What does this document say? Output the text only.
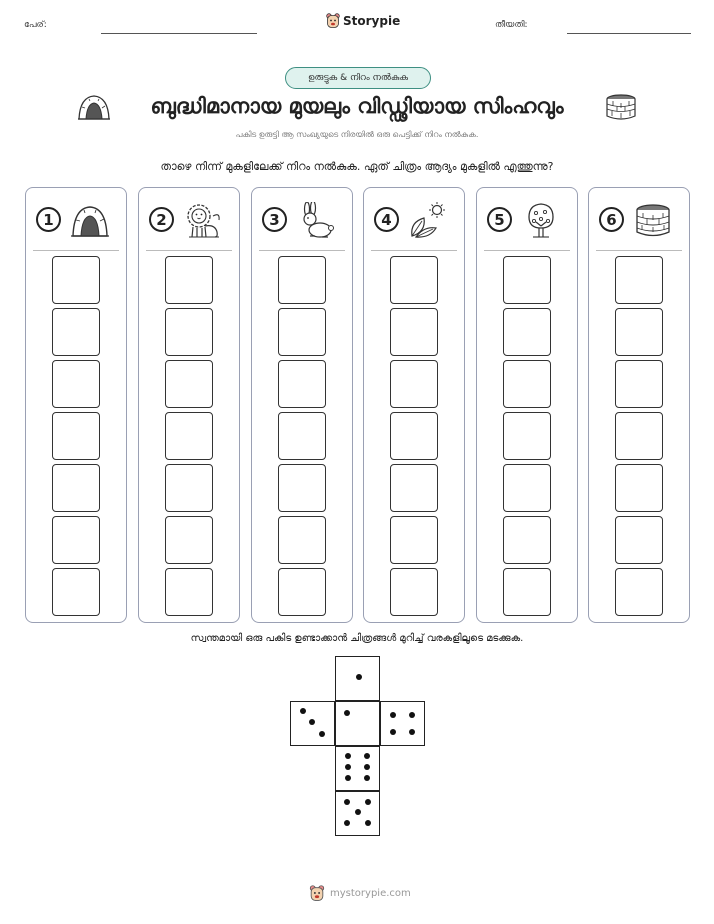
പേര്:	Storypie	തീയതി:
ഉരുട്ടുക & നിറം നൽകുക
ബുദ്ധിമാനായ മുയലും വിഡ്ഢിയായ സിംഹവും
പകിട ഉരുട്ടി ആ സംഖ്യയുടെ നിരയിൽ ഒരു പെട്ടിക്ക് നിറം നൽകുക.
താഴെ നിന്ന് മുകളിലേക്ക് നിറം നൽകുക. ഏത് ചിത്രം ആദ്യം മുകളിൽ എത്തുന്നു?
1	2	3	4	5	6
സ്വന്തമായി ഒരു പകിട ഉണ്ടാക്കാൻ ചിത്രങ്ങൾ മുറിച്ച് വരകളിലൂടെ മടക്കുക.
mystorypie.com
